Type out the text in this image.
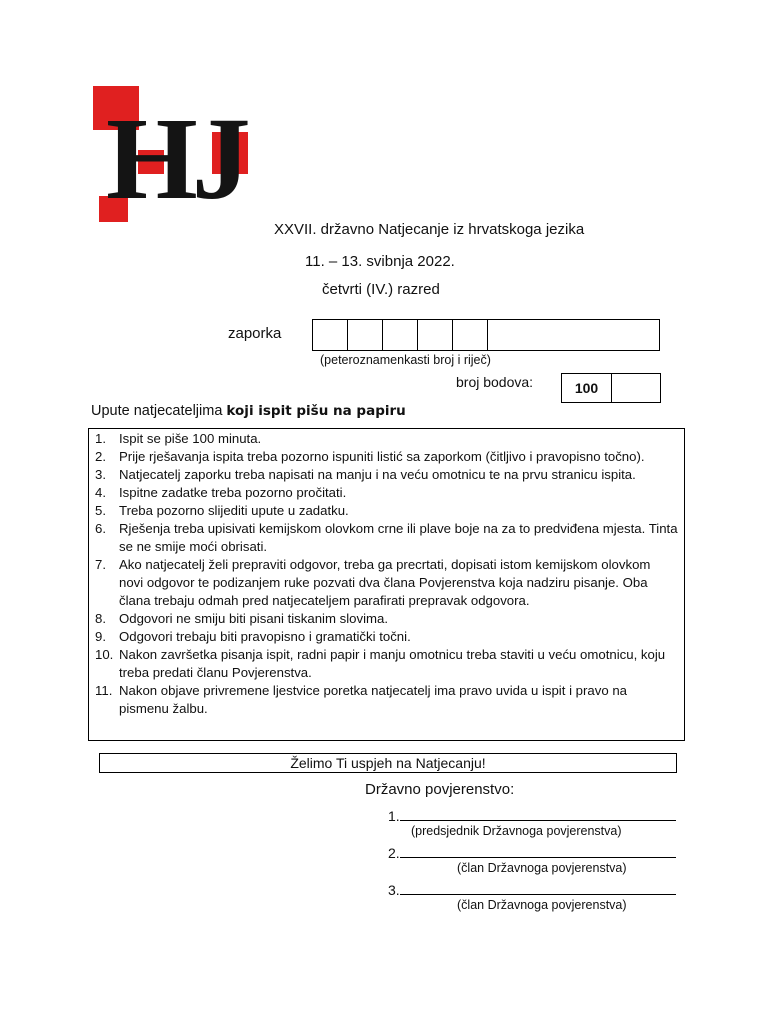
HJ
XXVII. državno Natjecanje iz hrvatskoga jezika
11. – 13. svibnja 2022.
četvrti (IV.) razred
zaporka
(peteroznamenkasti broj i riječ)
broj bodova:	100
Upute natjecateljima koji ispit pišu na papiru
1. Ispit se piše 100 minuta.
2. Prije rješavanja ispita treba pozorno ispuniti listić sa zaporkom (čitljivo i pravopisno točno).
3. Natjecatelj zaporku treba napisati na manju i na veću omotnicu te na prvu stranicu ispita.
4. Ispitne zadatke treba pozorno pročitati.
5. Treba pozorno slijediti upute u zadatku.
6. Rješenja treba upisivati kemijskom olovkom crne ili plave boje na za to predviđena mjesta. Tinta se ne smije moći obrisati.
7. Ako natjecatelj želi prepraviti odgovor, treba ga precrtati, dopisati istom kemijskom olovkom novi odgovor te podizanjem ruke pozvati dva člana Povjerenstva koja nadziru pisanje. Oba člana trebaju odmah pred natjecateljem parafirati prepravak odgovora.
8. Odgovori ne smiju biti pisani tiskanim slovima.
9. Odgovori trebaju biti pravopisno i gramatički točni.
10. Nakon završetka pisanja ispit, radni papir i manju omotnicu treba staviti u veću omotnicu, koju treba predati članu Povjerenstva.
11. Nakon objave privremene ljestvice poretka natjecatelj ima pravo uvida u ispit i pravo na pismenu žalbu.
Želimo Ti uspjeh na Natjecanju!
Državno povjerenstvo:
1.
(predsjednik Državnoga povjerenstva)
2.
(član Državnoga povjerenstva)
3.
(član Državnoga povjerenstva)
